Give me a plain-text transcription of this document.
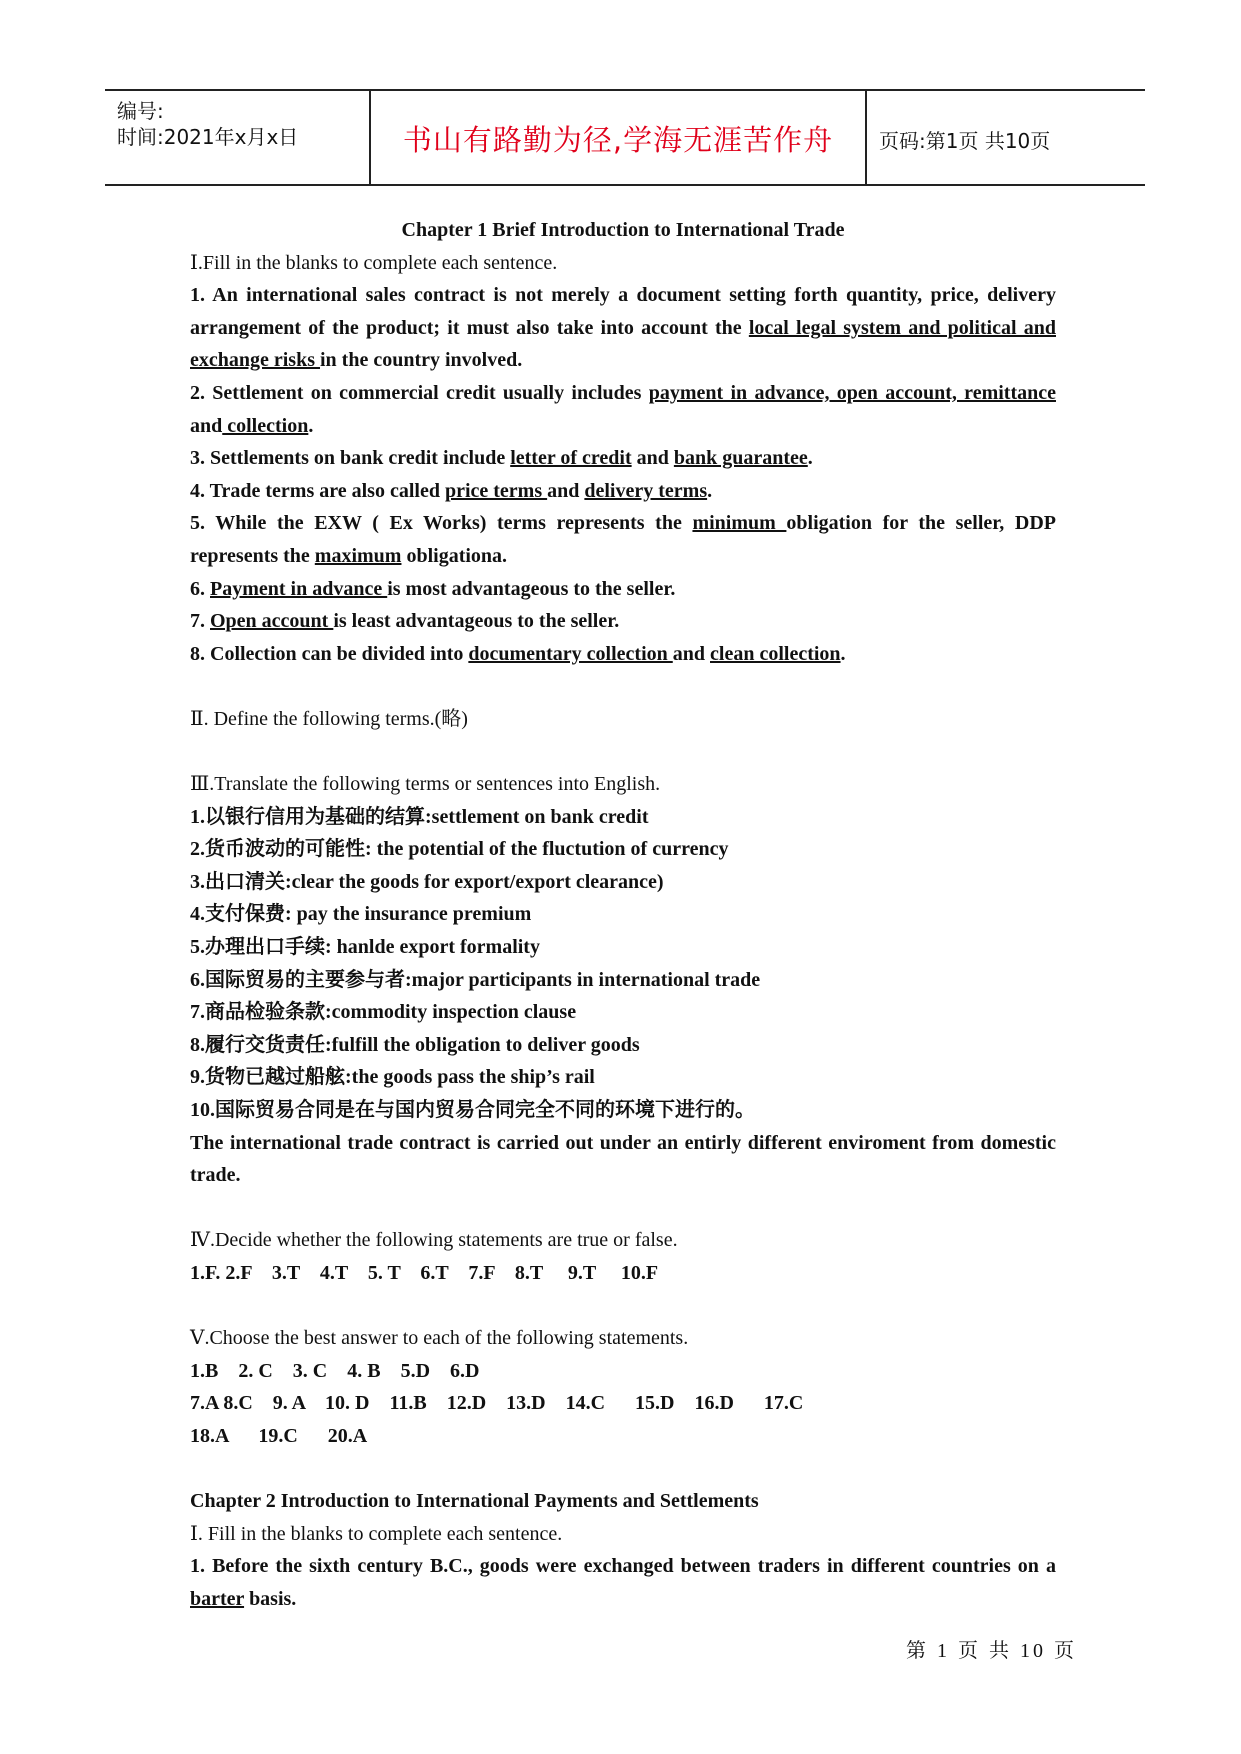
编号:
时间:2021年x月x日	书山有路勤为径,学海无涯苦作舟	页码:第1页 共10页

Chapter 1 Brief Introduction to International Trade

Ⅰ.Fill in the blanks to complete each sentence.

1. An international sales contract is not merely a document setting forth quantity, price, delivery arrangement of the product; it must also take into account the local legal system and political and exchange risks in the country involved.

2. Settlement on commercial credit usually includes payment in advance, open account, remittance and collection.

3. Settlements on bank credit include letter of credit and bank guarantee.

4. Trade terms are also called price terms and delivery terms.

5. While the EXW ( Ex Works) terms represents the minimum obligation for the seller, DDP represents the maximum obligationa.

6. Payment in advance is most advantageous to the seller.

7. Open account is least advantageous to the seller.

8. Collection can be divided into documentary collection and clean collection.

Ⅱ. Define the following terms.(略)

Ⅲ.Translate the following terms or sentences into English.

1.以银行信用为基础的结算:settlement on bank credit

2.货币波动的可能性: the potential of the fluctution of currency

3.出口清关:clear the goods for export/export clearance)

4.支付保费: pay the insurance premium

5.办理出口手续: hanlde export formality

6.国际贸易的主要参与者:major participants in international trade

7.商品检验条款:commodity inspection clause

8.履行交货责任:fulfill the obligation to deliver goods

9.货物已越过船舷:the goods pass the ship’s rail

10.国际贸易合同是在与国内贸易合同完全不同的环境下进行的。

The international trade contract is carried out under an entirly different enviroment from domestic trade.

Ⅳ.Decide whether the following statements are true or false.

1.F. 2.F    3.T    4.T    5. T    6.T    7.F    8.T     9.T     10.F

Ⅴ.Choose the best answer to each of the following statements.

1.B    2. C    3. C    4. B    5.D    6.D

7.A 8.C    9. A    10. D    11.B    12.D    13.D    14.C      15.D    16.D      17.C

18.A      19.C      20.A

Chapter 2 Introduction to International Payments and Settlements

Ⅰ. Fill in the blanks to complete each sentence.

1. Before the sixth century B.C., goods were exchanged between traders in different countries on a barter basis.

第 1 页 共 10 页
